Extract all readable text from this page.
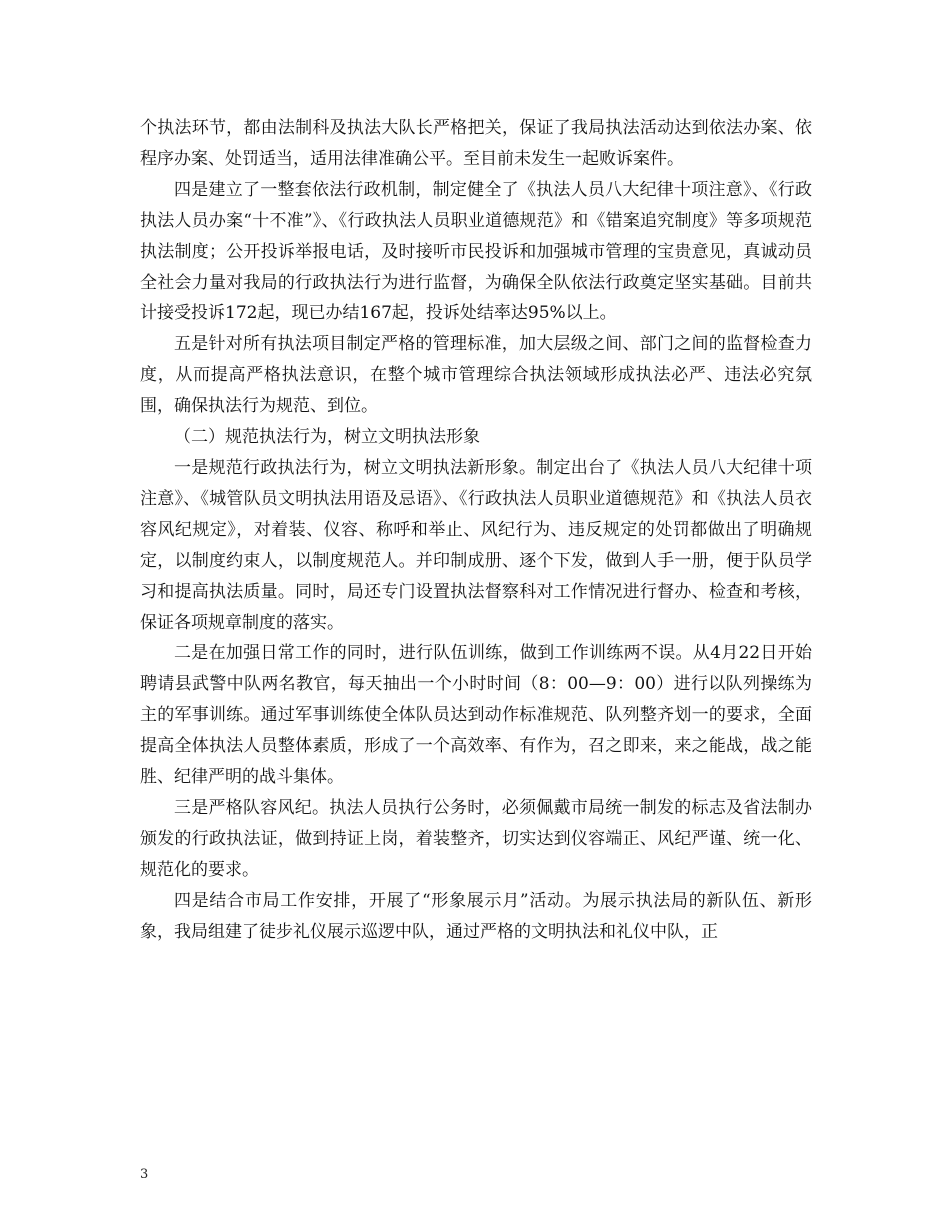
个执法环节，都由法制科及执法大队长严格把关，保证了我局执法活动达到依法办案、依程序办案、处罚适当，适用法律准确公平。至目前未发生一起败诉案件。

四是建立了一整套依法行政机制，制定健全了《执法人员八大纪律十项注意》、《行政执法人员办案“十不准”》、《行政执法人员职业道德规范》和《错案追究制度》等多项规范执法制度；公开投诉举报电话，及时接听市民投诉和加强城市管理的宝贵意见，真诚动员全社会力量对我局的行政执法行为进行监督，为确保全队依法行政奠定坚实基础。目前共计接受投诉172起，现已办结167起，投诉处结率达95%以上。

五是针对所有执法项目制定严格的管理标准，加大层级之间、部门之间的监督检查力度，从而提高严格执法意识，在整个城市管理综合执法领域形成执法必严、违法必究氛围，确保执法行为规范、到位。

（二）规范执法行为，树立文明执法形象

一是规范行政执法行为，树立文明执法新形象。制定出台了《执法人员八大纪律十项注意》、《城管队员文明执法用语及忌语》、《行政执法人员职业道德规范》和《执法人员衣容风纪规定》，对着装、仪容、称呼和举止、风纪行为、违反规定的处罚都做出了明确规定，以制度约束人，以制度规范人。并印制成册、逐个下发，做到人手一册，便于队员学习和提高执法质量。同时，局还专门设置执法督察科对工作情况进行督办、检查和考核，保证各项规章制度的落实。

二是在加强日常工作的同时，进行队伍训练，做到工作训练两不误。从4月22日开始聘请县武警中队两名教官，每天抽出一个小时时间（8：00—9：00）进行以队列操练为主的军事训练。通过军事训练使全体队员达到动作标准规范、队列整齐划一的要求，全面提高全体执法人员整体素质，形成了一个高效率、有作为，召之即来，来之能战，战之能胜、纪律严明的战斗集体。

三是严格队容风纪。执法人员执行公务时，必须佩戴市局统一制发的标志及省法制办颁发的行政执法证，做到持证上岗，着装整齐，切实达到仪容端正、风纪严谨、统一化、规范化的要求。

四是结合市局工作安排，开展了“形象展示月”活动。为展示执法局的新队伍、新形象，我局组建了徒步礼仪展示巡逻中队，通过严格的文明执法和礼仪中队，正

3
